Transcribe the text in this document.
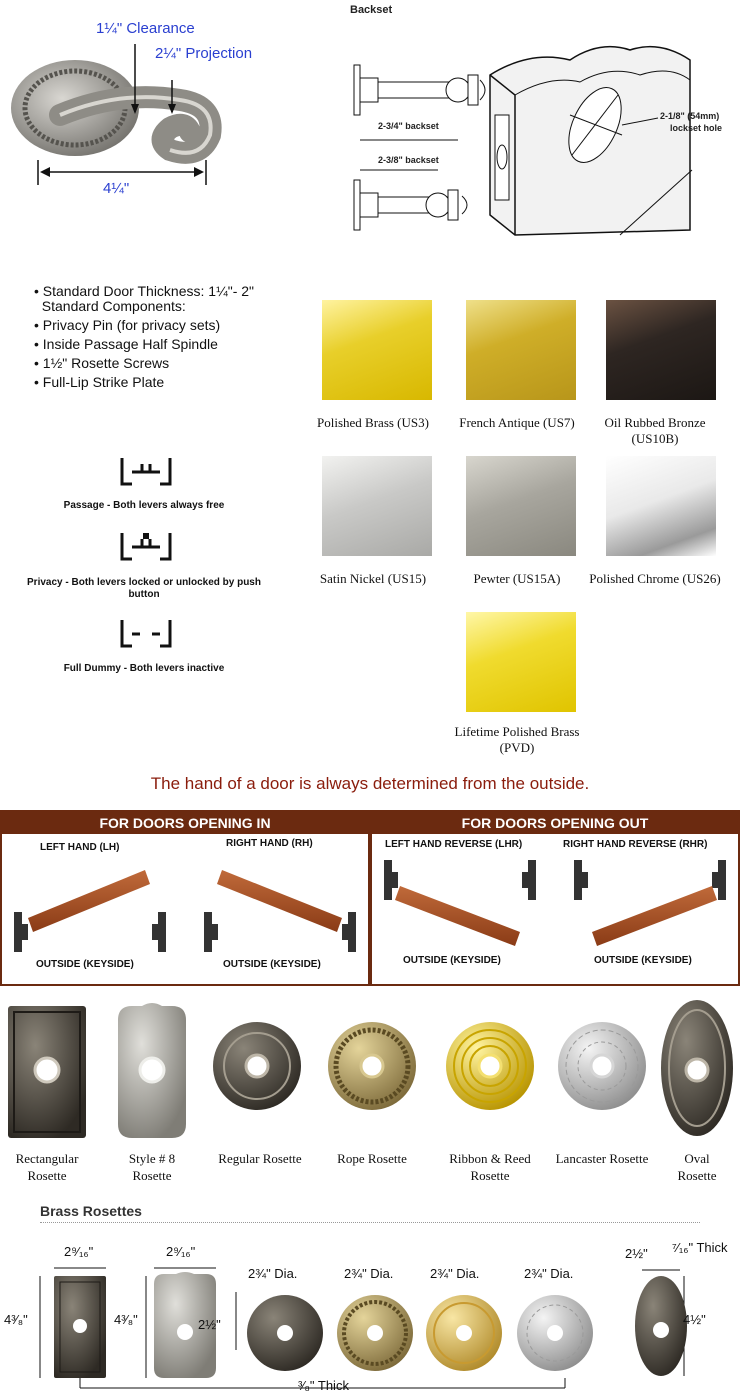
1¼" Clearance
2¼" Projection
4¼"
Backset
2-3/4" backset
2-3/8" backset
2-1/8" (54mm)
lockset hole
• Standard Door Thickness: 1¼"- 2"
Standard Components:
• Privacy Pin (for privacy sets)
• Inside Passage Half Spindle
• 1½" Rosette Screws
• Full-Lip Strike Plate
Polished Brass (US3)	French Antique (US7)	Oil Rubbed Bronze (US10B)
Satin Nickel (US15)	Pewter (US15A)	Polished Chrome (US26)
Lifetime Polished Brass (PVD)
Passage - Both levers always free
Privacy - Both levers locked or unlocked by push button
Full Dummy - Both levers inactive
The hand of a door is always determined from the outside.
FOR DOORS OPENING IN	FOR DOORS OPENING OUT
LEFT HAND (LH)	RIGHT HAND (RH)	LEFT HAND REVERSE (LHR)	RIGHT HAND REVERSE (RHR)
OUTSIDE (KEYSIDE)	OUTSIDE (KEYSIDE)	OUTSIDE (KEYSIDE)	OUTSIDE (KEYSIDE)
Rectangular Rosette
Style # 8 Rosette
Regular Rosette	Rope Rosette	Ribbon & Reed Rosette
Lancaster Rosette	Oval Rosette
Brass Rosettes
2⁹⁄₁₆"	2⁹⁄₁₆"
4³⁄₈"	4³⁄₈"	2½"
2¾" Dia.	2¾" Dia.	2¾" Dia.	2¾" Dia.
2½"
4½"
⁷⁄₁₆" Thick
³⁄₈" Thick
